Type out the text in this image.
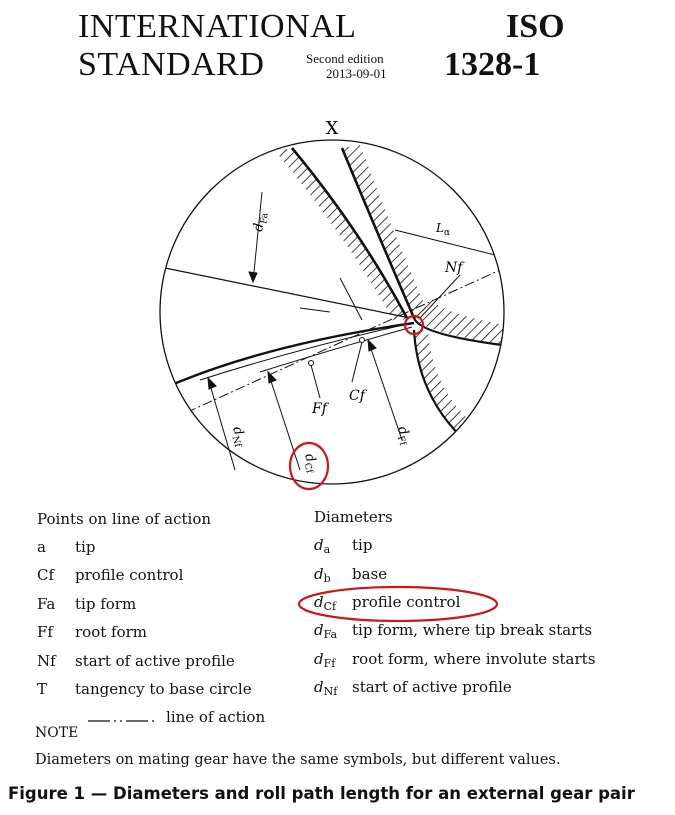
INTERNATIONAL
STANDARD	Second edition
2013-09-01
ISO
1328-1
X
$d_{Fa}$
$L_\alpha$
Nf
Cf
Ff
$d_{Nf}$
$d_{Ff}$
$d_{Cf}$
Points on line of action
a tip
Cf profile control
Fa tip form
Ff root form
Nf start of active profile
T tangency to base circle
Diameters
$d_a$ tip
$d_b$ base
$d_{Cf}$ profile control
$d_{Fa}$ tip form, where tip break starts
$d_{Ff}$ root form, where involute starts
$d_{Nf}$ start of active profile
line of action
NOTE
Diameters on mating gear have the same symbols, but different values.
Figure 1 — Diameters and roll path length for an external gear pair
